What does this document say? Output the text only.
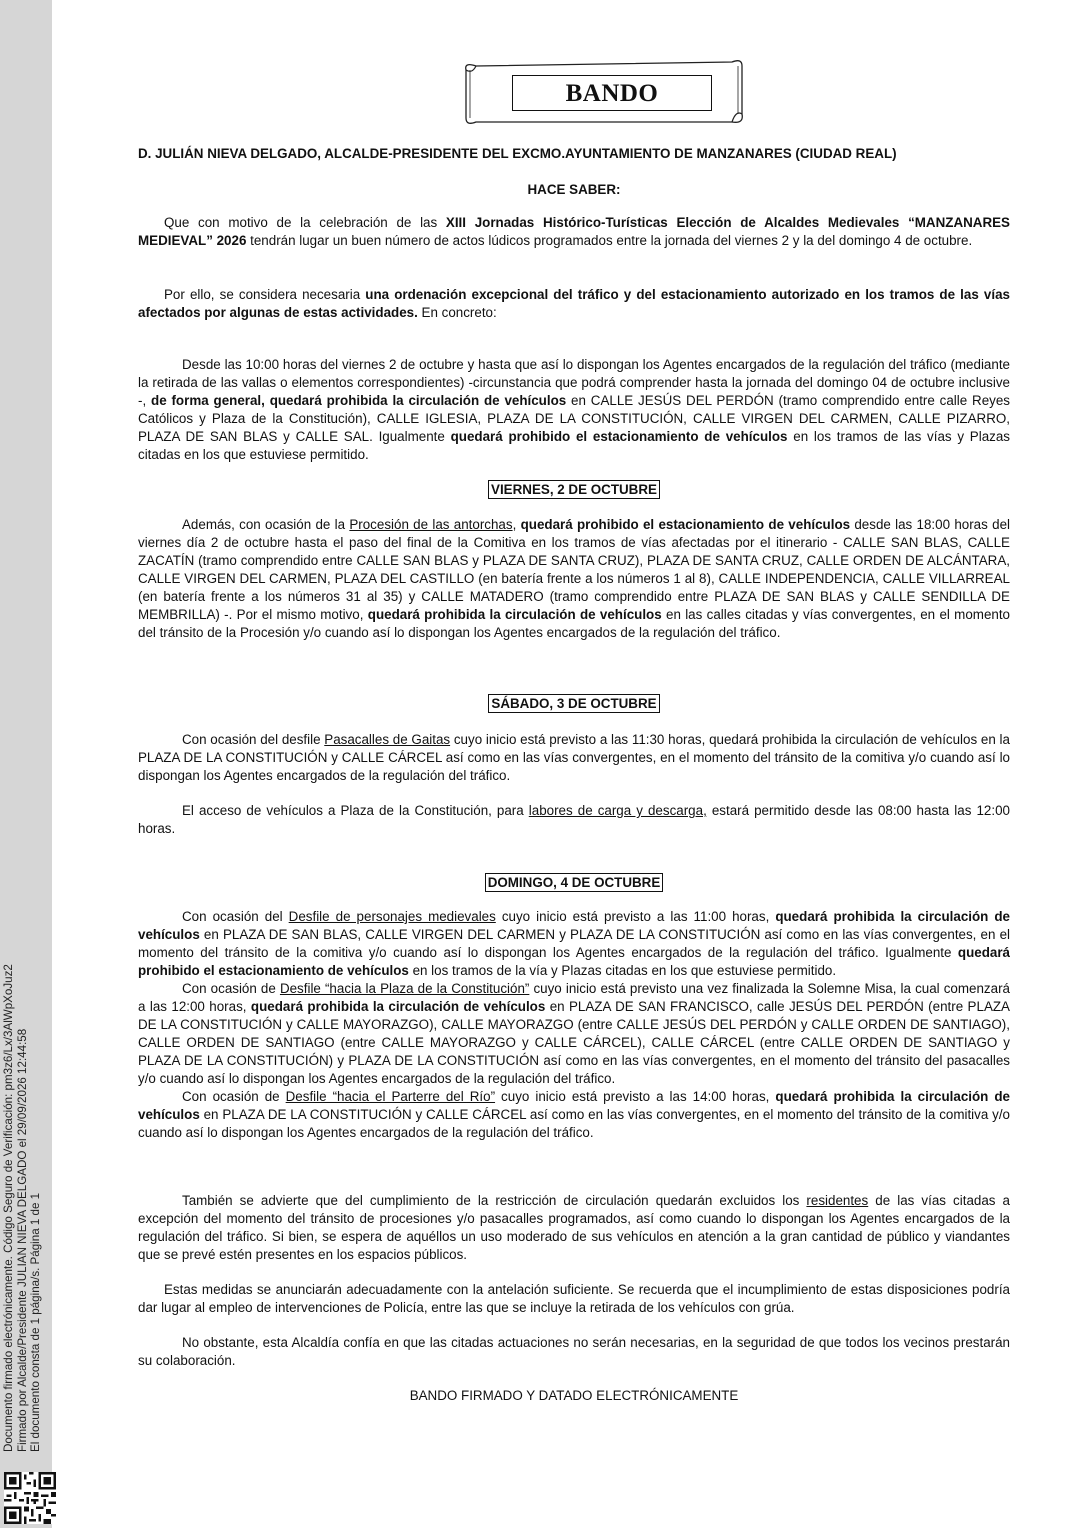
Documento firmado electrónicamente. Código Seguro de Verificación: pm3z6/Lx/3AlWpXoJuz2 Firmado por Alcalde/Presidente JULIAN NIEVA DELGADO el 29/09/2026 12:44:58 El documento consta de 1 página/s. Página 1 de 1
BANDO
D. JULIÁN NIEVA DELGADO, ALCALDE-PRESIDENTE DEL EXCMO.AYUNTAMIENTO DE MANZANARES (CIUDAD REAL)
HACE SABER:

Que con motivo de la celebración de las XIII Jornadas Histórico-Turísticas Elección de Alcaldes Medievales “MANZANARES MEDIEVAL” 2026 tendrán lugar un buen número de actos lúdicos programados entre la jornada del viernes 2 y la del domingo 4 de octubre.

Por ello, se considera necesaria una ordenación excepcional del tráfico y del estacionamiento autorizado en los tramos de las vías afectados por algunas de estas actividades. En concreto:

Desde las 10:00 horas del viernes 2 de octubre y hasta que así lo dispongan los Agentes encargados de la regulación del tráfico (mediante la retirada de las vallas o elementos correspondientes) -circunstancia que podrá comprender hasta la jornada del domingo 04 de octubre inclusive -, de forma general, quedará prohibida la circulación de vehículos en CALLE JESÚS DEL PERDÓN (tramo comprendido entre calle Reyes Católicos y Plaza de la Constitución), CALLE IGLESIA, PLAZA DE LA CONSTITUCIÓN, CALLE VIRGEN DEL CARMEN, CALLE PIZARRO, PLAZA DE SAN BLAS y CALLE SAL. Igualmente quedará prohibido el estacionamiento de vehículos en los tramos de las vías y Plazas citadas en los que estuviese permitido.

VIERNES, 2 DE OCTUBRE

Además, con ocasión de la Procesión de las antorchas, quedará prohibido el estacionamiento de vehículos desde las 18:00 horas del viernes día 2 de octubre hasta el paso del final de la Comitiva en los tramos de vías afectadas por el itinerario - CALLE SAN BLAS, CALLE ZACATÍN (tramo comprendido entre CALLE SAN BLAS y PLAZA DE SANTA CRUZ), PLAZA DE SANTA CRUZ, CALLE ORDEN DE ALCÁNTARA, CALLE VIRGEN DEL CARMEN, PLAZA DEL CASTILLO (en batería frente a los números 1 al 8), CALLE INDEPENDENCIA, CALLE VILLARREAL (en batería frente a los números 31 al 35) y CALLE MATADERO (tramo comprendido entre PLAZA DE SAN BLAS y CALLE SENDILLA DE MEMBRILLA) -. Por el mismo motivo, quedará prohibida la circulación de vehículos en las calles citadas y vías convergentes, en el momento del tránsito de la Procesión y/o cuando así lo dispongan los Agentes encargados de la regulación del tráfico.

SÁBADO, 3 DE OCTUBRE

Con ocasión del desfile Pasacalles de Gaitas cuyo inicio está previsto a las 11:30 horas, quedará prohibida la circulación de vehículos en la PLAZA DE LA CONSTITUCIÓN y CALLE CÁRCEL así como en las vías convergentes, en el momento del tránsito de la comitiva y/o cuando así lo dispongan los Agentes encargados de la regulación del tráfico.

El acceso de vehículos a Plaza de la Constitución, para labores de carga y descarga, estará permitido desde las 08:00 hasta las 12:00 horas.

DOMINGO, 4 DE OCTUBRE

Con ocasión del Desfile de personajes medievales cuyo inicio está previsto a las 11:00 horas, quedará prohibida la circulación de vehículos en PLAZA DE SAN BLAS, CALLE VIRGEN DEL CARMEN y PLAZA DE LA CONSTITUCIÓN así como en las vías convergentes, en el momento del tránsito de la comitiva y/o cuando así lo dispongan los Agentes encargados de la regulación del tráfico. Igualmente quedará prohibido el estacionamiento de vehículos en los tramos de la vía y Plazas citadas en los que estuviese permitido.

Con ocasión de Desfile “hacia la Plaza de la Constitución” cuyo inicio está previsto una vez finalizada la Solemne Misa, la cual comenzará a las 12:00 horas, quedará prohibida la circulación de vehículos en PLAZA DE SAN FRANCISCO, calle JESÚS DEL PERDÓN (entre PLAZA DE LA CONSTITUCIÓN y CALLE MAYORAZGO), CALLE MAYORAZGO (entre CALLE JESÚS DEL PERDÓN y CALLE ORDEN DE SANTIAGO), CALLE ORDEN DE SANTIAGO (entre CALLE MAYORAZGO y CALLE CÁRCEL), CALLE CÁRCEL (entre CALLE ORDEN DE SANTIAGO y PLAZA DE LA CONSTITUCIÓN) y PLAZA DE LA CONSTITUCIÓN así como en las vías convergentes, en el momento del tránsito del pasacalles y/o cuando así lo dispongan los Agentes encargados de la regulación del tráfico.

Con ocasión de Desfile “hacia el Parterre del Río” cuyo inicio está previsto a las 14:00 horas, quedará prohibida la circulación de vehículos en PLAZA DE LA CONSTITUCIÓN y CALLE CÁRCEL así como en las vías convergentes, en el momento del tránsito de la comitiva y/o cuando así lo dispongan los Agentes encargados de la regulación del tráfico.

También se advierte que del cumplimiento de la restricción de circulación quedarán excluidos los residentes de las vías citadas a excepción del momento del tránsito de procesiones y/o pasacalles programados, así como cuando lo dispongan los Agentes encargados de la regulación del tráfico. Si bien, se espera de aquéllos un uso moderado de sus vehículos en atención a la gran cantidad de público y viandantes que se prevé estén presentes en los espacios públicos.

Estas medidas se anunciarán adecuadamente con la antelación suficiente. Se recuerda que el incumplimiento de estas disposiciones podría dar lugar al empleo de intervenciones de Policía, entre las que se incluye la retirada de los vehículos con grúa.

No obstante, esta Alcaldía confía en que las citadas actuaciones no serán necesarias, en la seguridad de que todos los vecinos prestarán su colaboración.

BANDO FIRMADO Y DATADO ELECTRÓNICAMENTE
